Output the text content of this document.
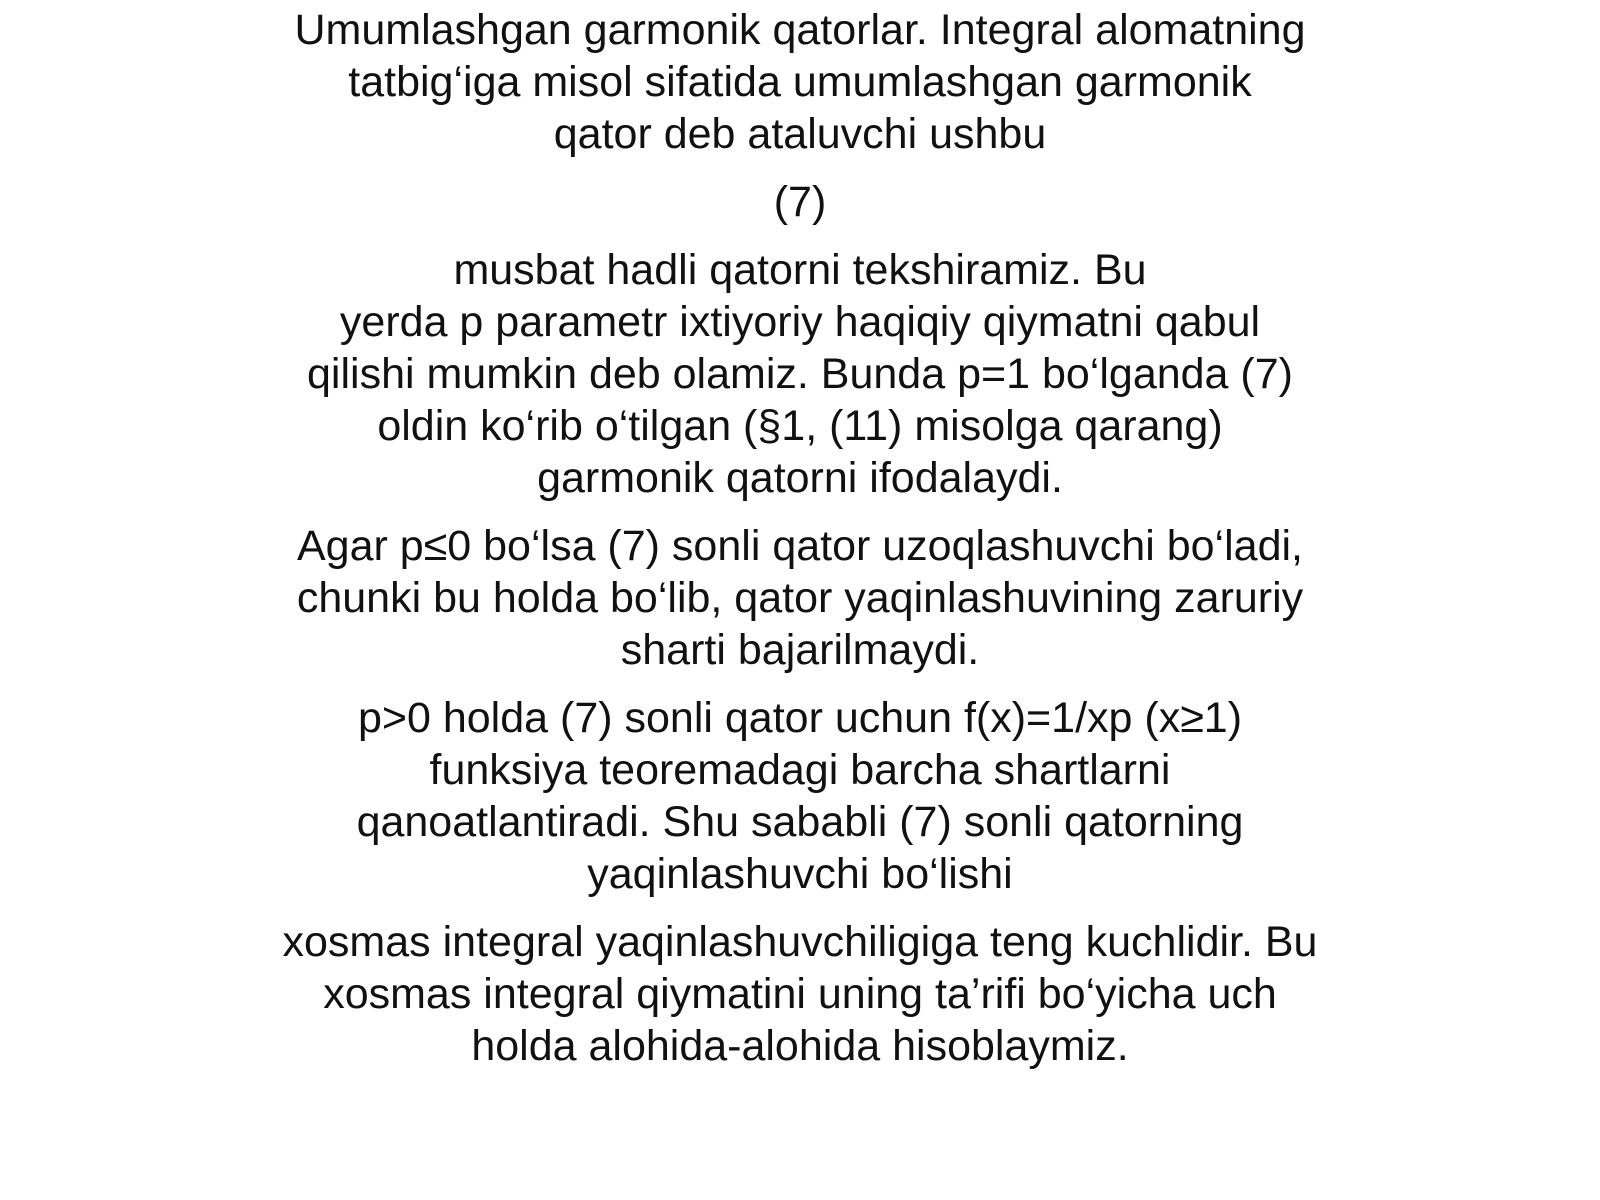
Umumlashgan garmonik qatorlar. Integral alomatning
tatbig‘iga misol sifatida umumlashgan garmonik
qator deb ataluvchi ushbu

(7)

musbat hadli qatorni tekshiramiz. Bu
yerda p parametr ixtiyoriy haqiqiy qiymatni qabul
qilishi mumkin deb olamiz. Bunda p=1 bo‘lganda (7)
oldin ko‘rib o‘tilgan (§1, (11) misolga qarang)
garmonik qatorni ifodalaydi.

Agar p≤0 bo‘lsa (7) sonli qator uzoqlashuvchi bo‘ladi,
chunki bu holda bo‘lib, qator yaqinlashuvining zaruriy
sharti bajarilmaydi.

p>0 holda (7) sonli qator uchun f(x)=1/xp (x≥1)
funksiya teoremadagi barcha shartlarni
qanoatlantiradi. Shu sababli (7) sonli qatorning
yaqinlashuvchi bo‘lishi

xosmas integral yaqinlashuvchiligiga teng kuchlidir. Bu
xosmas integral qiymatini uning ta’rifi bo‘yicha uch
holda alohida-alohida hisoblaymiz.
